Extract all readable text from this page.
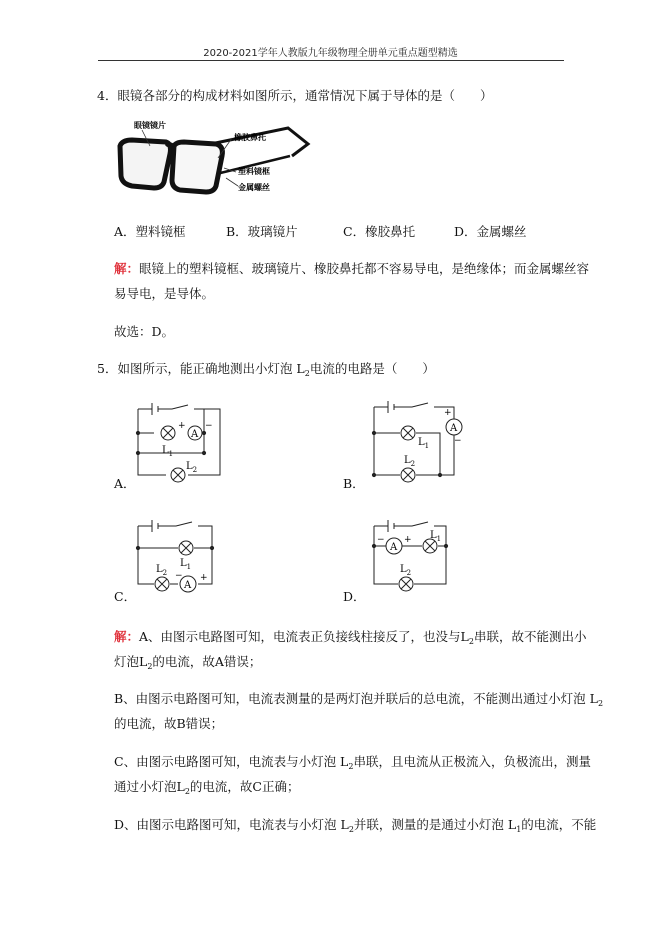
2020-2021学年人教版九年级物理全册单元重点题型精选
4．眼镜各部分的构成材料如图所示，通常情况下属于导体的是（　　）
眼镜镜片
橡胶鼻托
塑料镜框
金属螺丝
A．塑料镜框	B．玻璃镜片	C．橡胶鼻托	D．金属螺丝
解：眼镜上的塑料镜框、玻璃镜片、橡胶鼻托都不容易导电，是绝缘体；而金属螺丝容
易导电，是导体。
故选：D。
5．如图所示，能正确地测出小灯泡 $L_2$电流的电路是（　　）
A
+ −
$L_1$
$L_2$
A．
A
+
−
$L_1$
$L_2$
B．
A
− +
$L_1$
$L_2$
C．
A
− + $L_1$
$L_2$
D．
解：A、由图示电路图可知，电流表正负接线柱接反了，也没与$L_2$串联，故不能测出小
灯泡$L_2$的电流，故A错误；
B、由图示电路图可知，电流表测量的是两灯泡并联后的总电流，不能测出通过小灯泡 $L_2$
的电流，故B错误；
C、由图示电路图可知，电流表与小灯泡 $L_2$串联，且电流从正极流入，负极流出，测量
通过小灯泡$L_2$的电流，故C正确；
D、由图示电路图可知，电流表与小灯泡 $L_2$并联，测量的是通过小灯泡 $L_1$的电流，不能
